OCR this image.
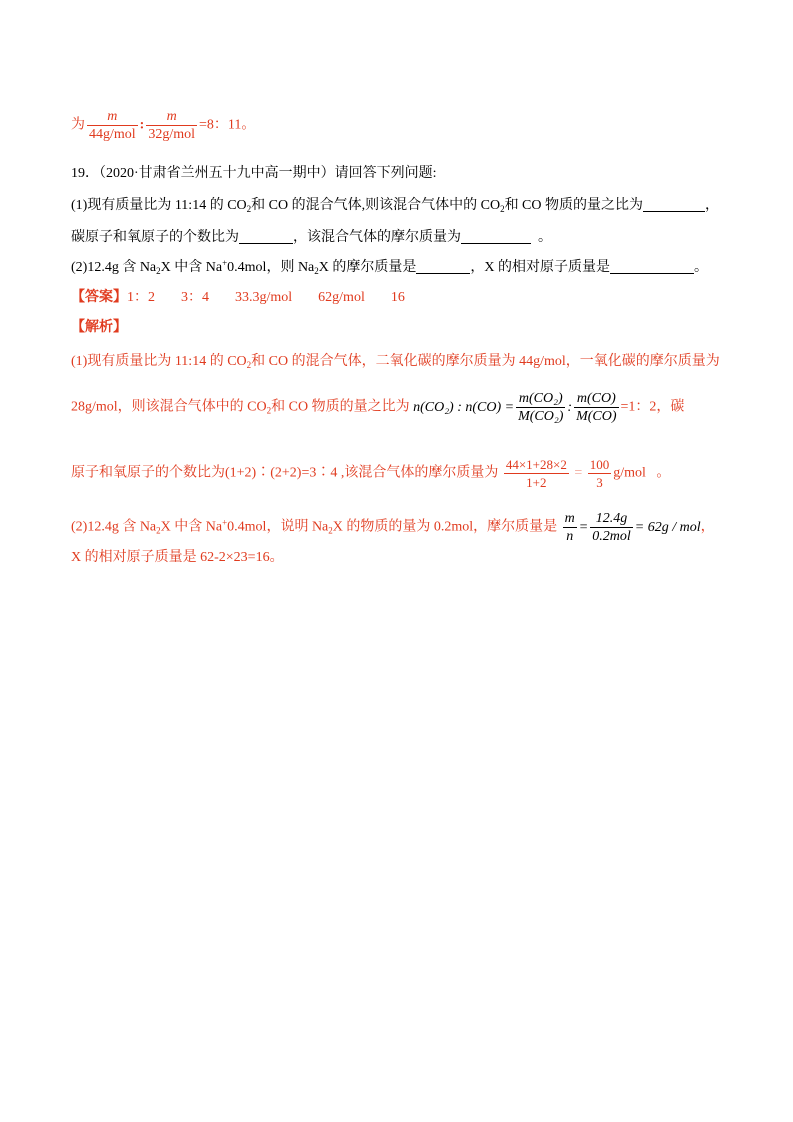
为 $\frac{m}{\text{44g/mol}}$ : $\frac{m}{\text{32g/mol}} =8$：11。
19．（2020·甘肃省兰州五十九中高一期中）请回答下列问题:
(1)现有质量比为 11:14 的 $CO_2$和 CO 的混合气体,则该混合气体中的 $CO_2$和 CO 物质的量之比为	，
碳原子和氧原子的个数比为	，该混合气体的摩尔质量为	。
(2)12.4g 含 $Na_2X$ 中含 Na+0.4mol，则 $Na_2X$ 的摩尔质量是	，X 的相对原子质量是	。
【答案】1：2 3：4 33.3g/mol 62g/mol 16
【解析】
(1)现有质量比为 11:14 的 $CO_2$和 CO 的混合气体，二氧化碳的摩尔质量为 44g/mol，一氧化碳的摩尔质量为
28g/mol，则该混合气体中的 $CO_2$和 CO 物质的量之比为 n(CO₂) : $n(CO) = \frac{\text{m(CO₂)}}{\text{M(CO₂)}}$ : $\frac{m(CO)}{M(CO)} =1$：2，碳
原子和氧原子的个数比为(1+2)∶(2+2)=3∶4 ,该混合气体的摩尔质量为 $\frac{44\times 1+28\times 2}{1+2} = \frac{100}{3} g/mol$ 。
(2)12.4g 含 $Na_2X$ 中含 Na+0.4mol，说明 $Na_2X$ 的物质的量为 0.2mol，摩尔质量是 $\frac{m}{n} = \frac{12.4g}{\text{0.2mol}} = 62g$ / mol，
X 的相对原子质量是 62-2×23=16。
